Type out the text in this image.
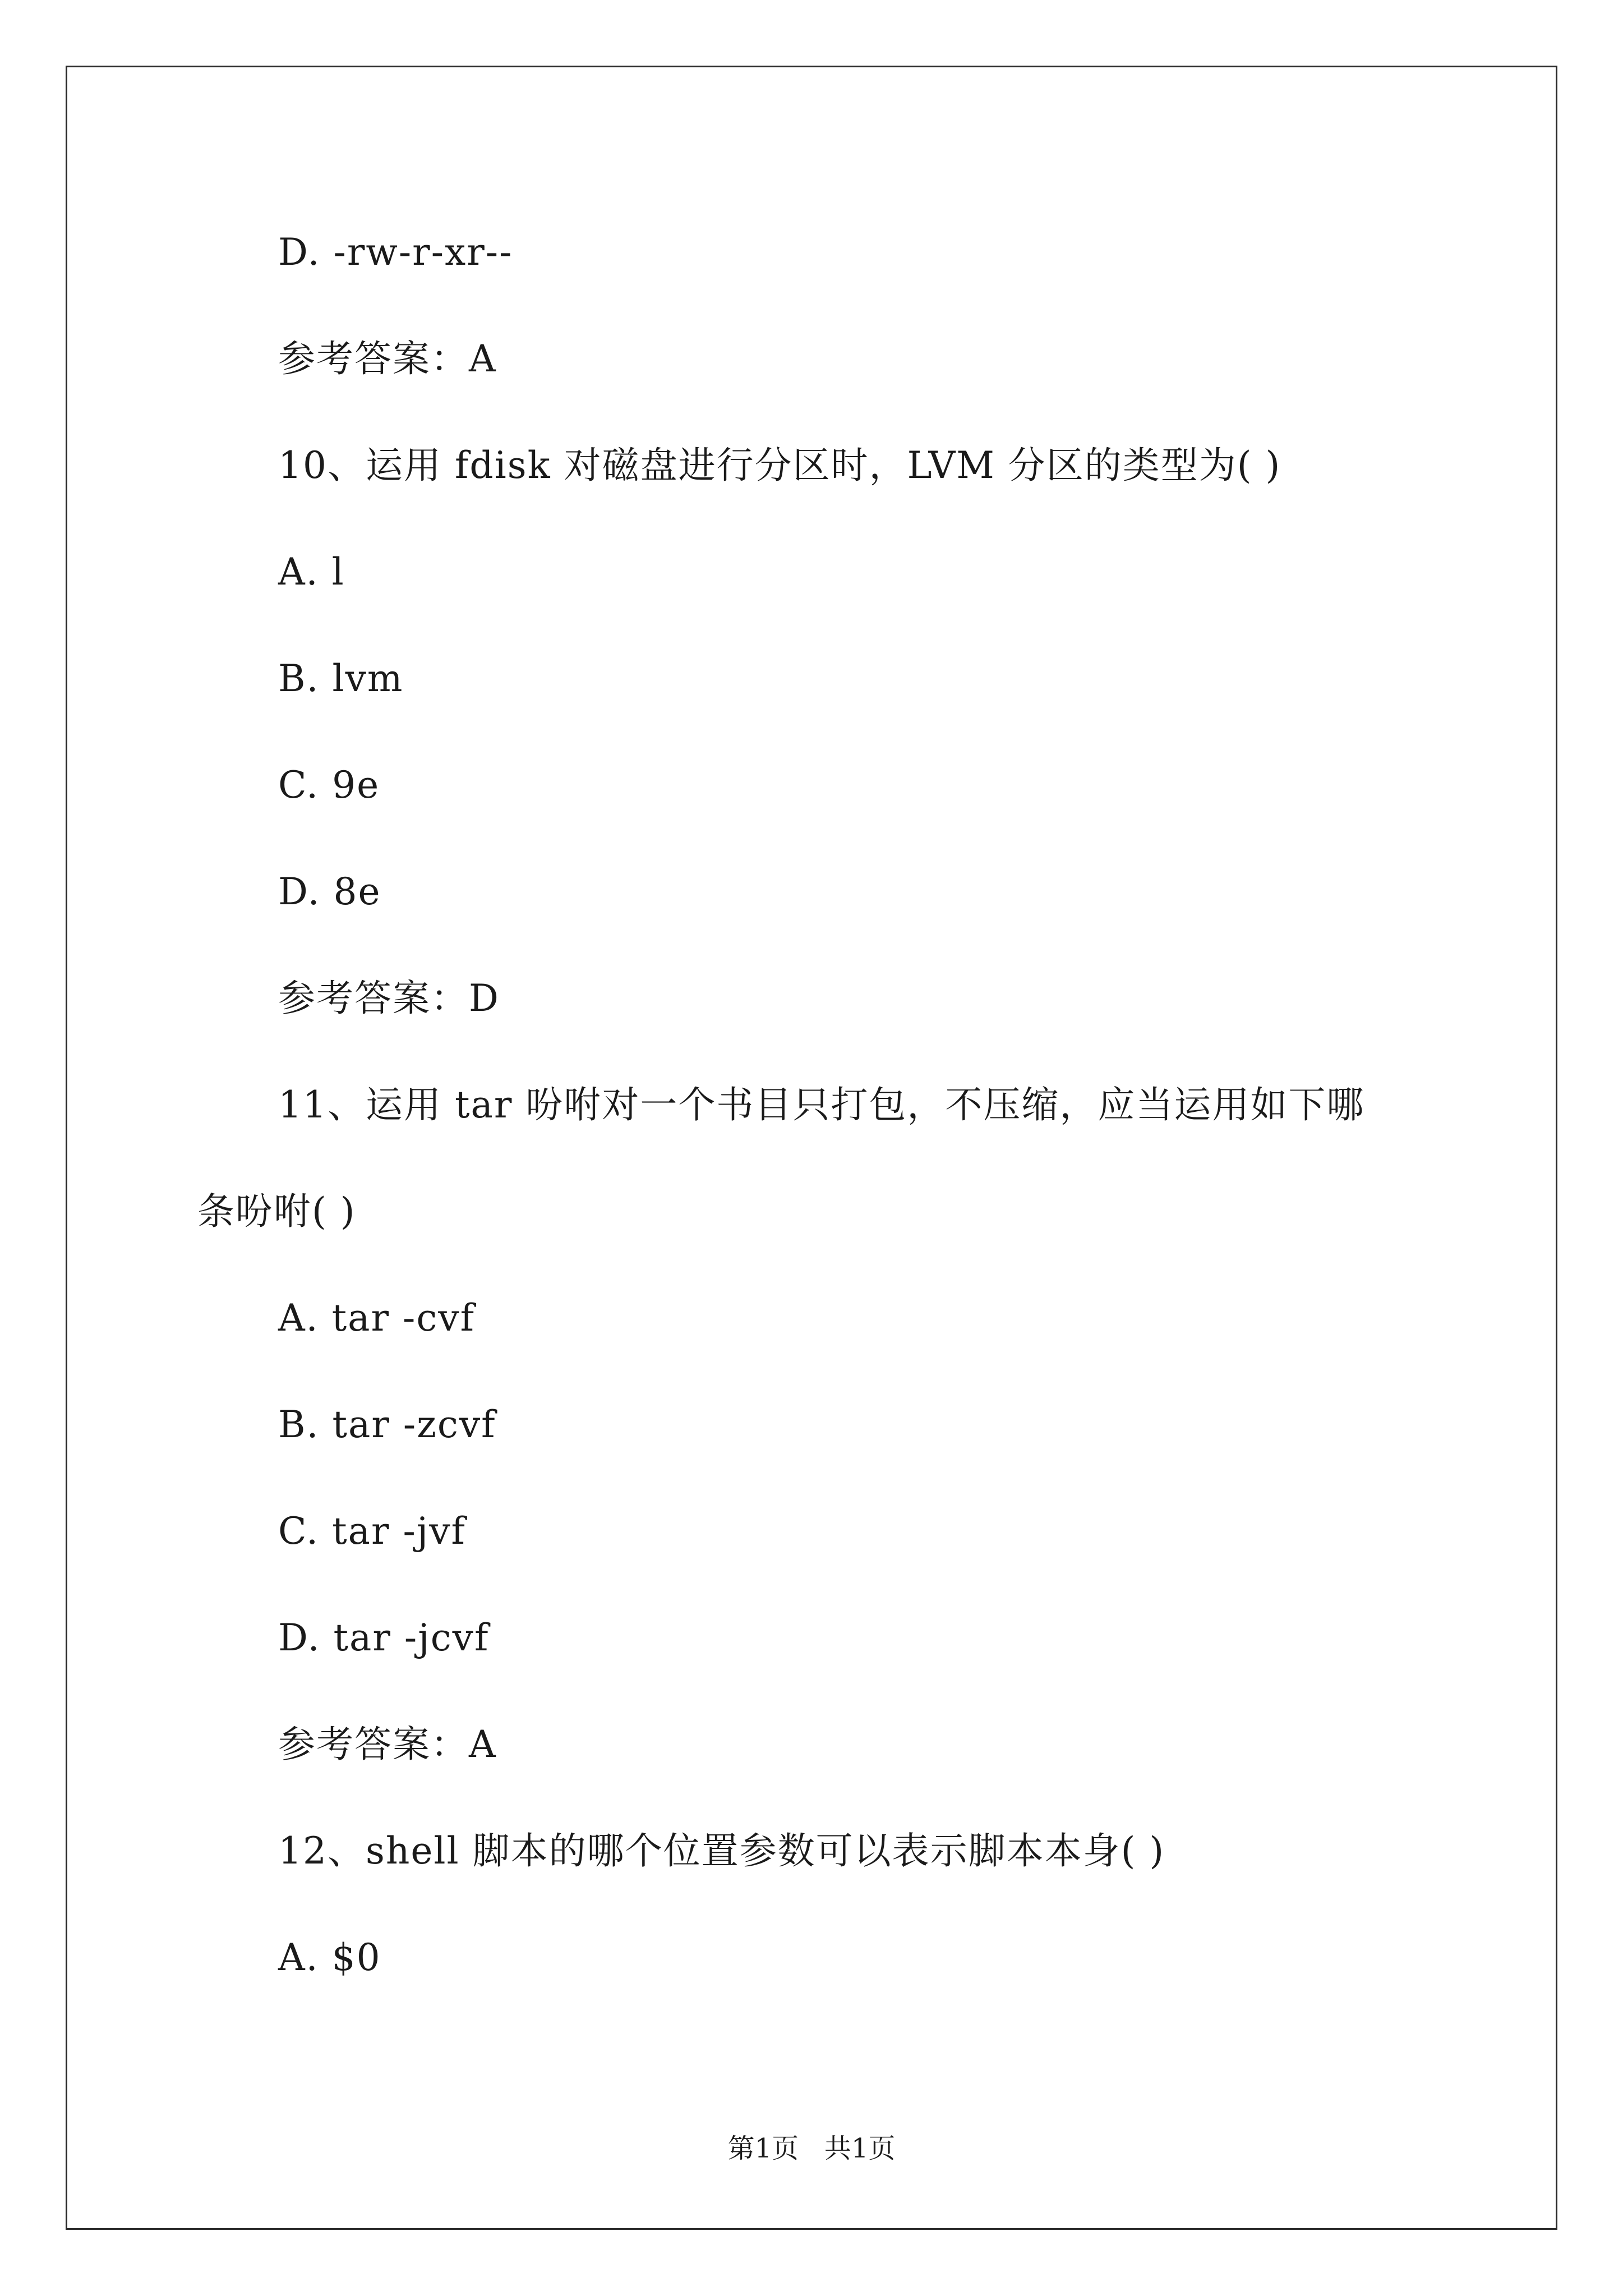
D. -rw-r-xr--
参考答案：A
10、运用 fdisk 对磁盘进行分区时，LVM 分区的类型为( )
A. l
B. lvm
C. 9e
D. 8e
参考答案：D
11、运用 tar 吩咐对一个书目只打包，不压缩，应当运用如下哪
条吩咐( )
A. tar -cvf
B. tar -zcvf
C. tar -jvf
D. tar -jcvf
参考答案：A
12、shell 脚本的哪个位置参数可以表示脚本本身( )
A. $0
第1页   共1页
